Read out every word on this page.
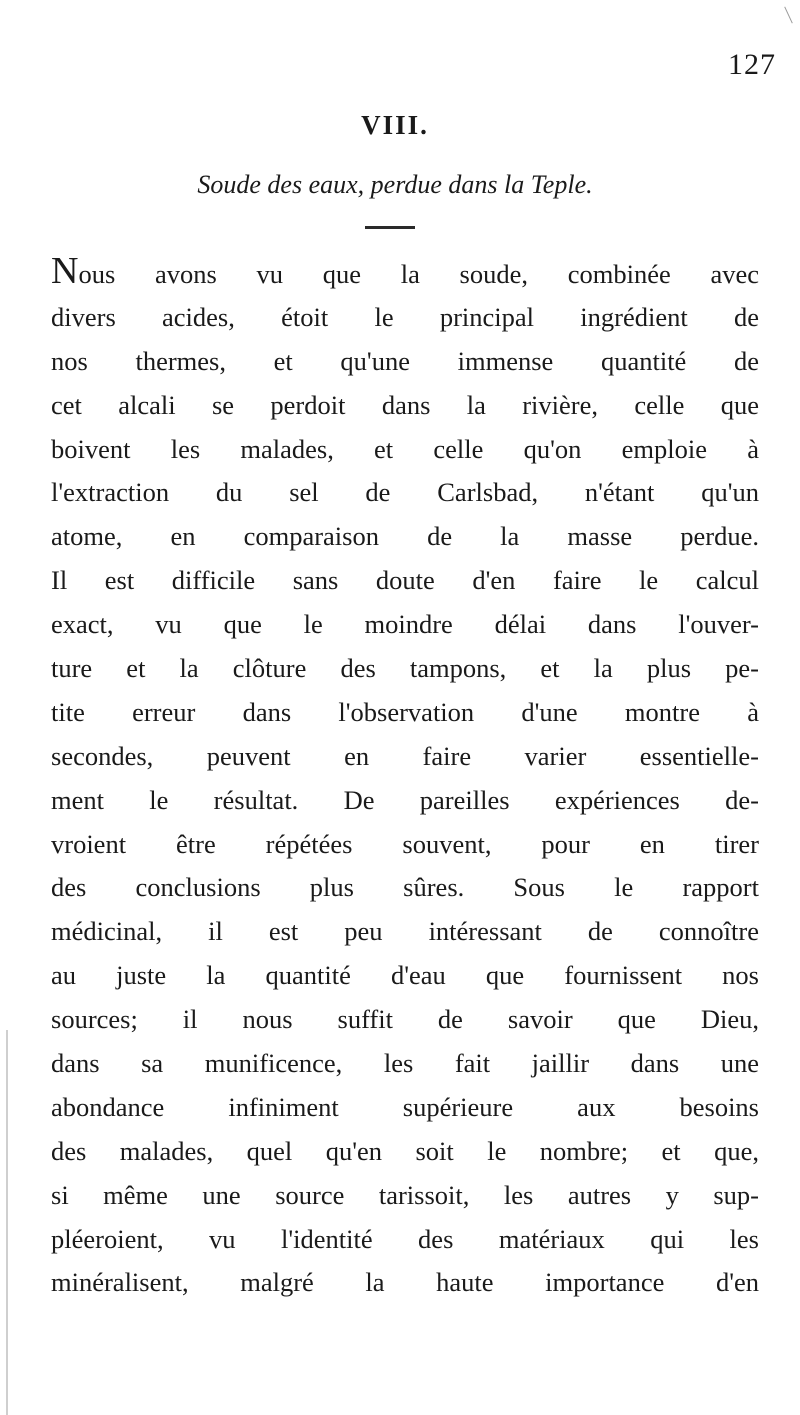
127
VIII.
Soude des eaux, perdue dans la Teple.
Nous avons vu que la soude, combinée avec
divers acides, étoit le principal ingrédient de
nos thermes, et qu'une immense quantité de
cet alcali se perdoit dans la rivière, celle que
boivent les malades, et celle qu'on emploie à
l'extraction du sel de Carlsbad, n'étant qu'un
atome, en comparaison de la masse perdue.
Il est difficile sans doute d'en faire le calcul
exact, vu que le moindre délai dans l'ouver-
ture et la clôture des tampons, et la plus pe-
tite erreur dans l'observation d'une montre à
secondes, peuvent en faire varier essentielle-
ment le résultat. De pareilles expériences de-
vroient être répétées souvent, pour en tirer
des conclusions plus sûres. Sous le rapport
médicinal, il est peu intéressant de connoître
au juste la quantité d'eau que fournissent nos
sources; il nous suffit de savoir que Dieu,
dans sa munificence, les fait jaillir dans une
abondance infiniment supérieure aux besoins
des malades, quel qu'en soit le nombre; et que,
si même une source tarissoit, les autres y sup-
pléeroient, vu l'identité des matériaux qui les
minéralisent, malgré la haute importance d'en
